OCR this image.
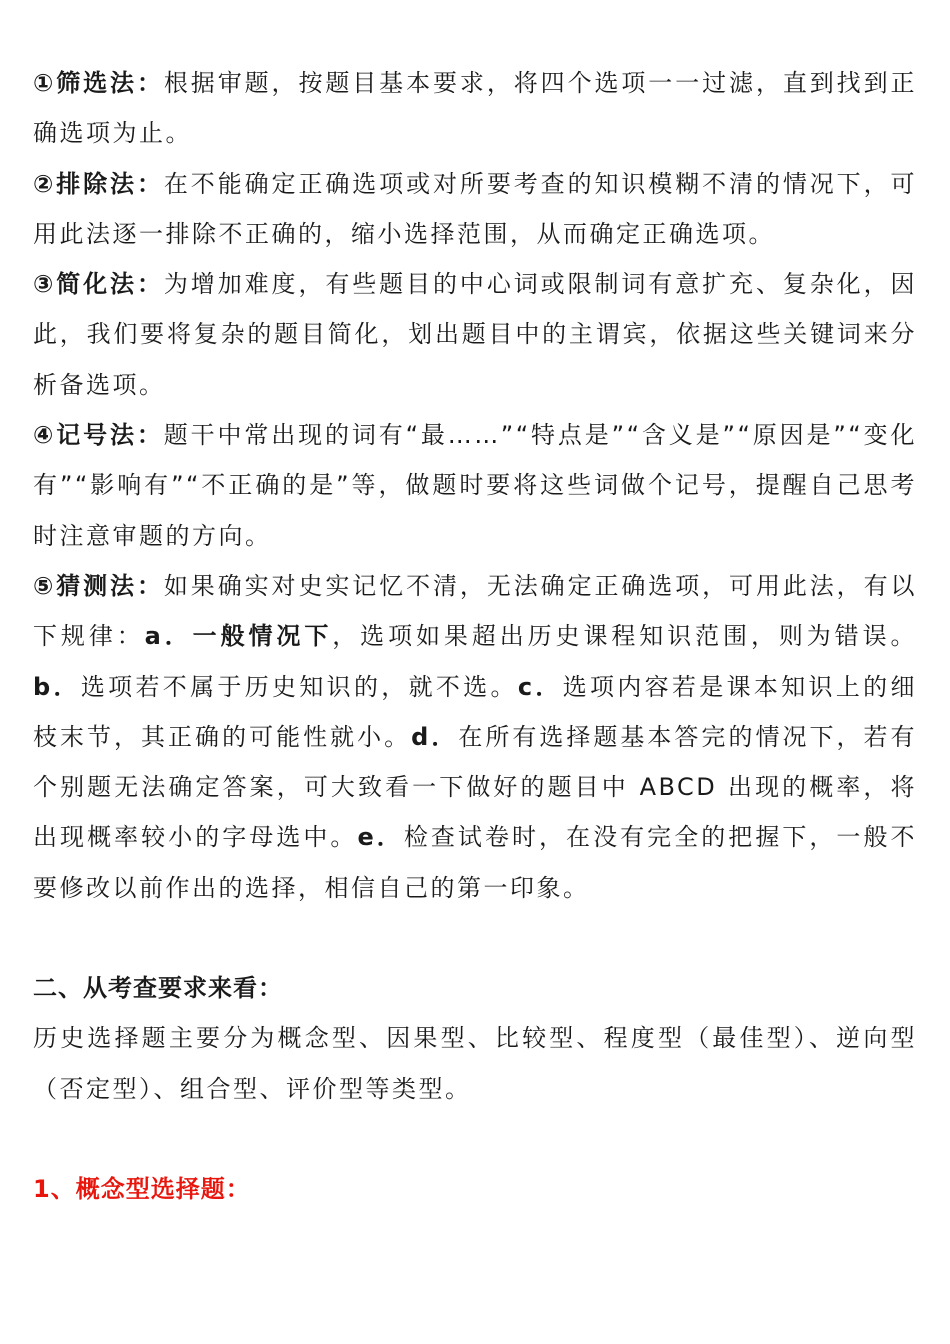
①筛选法：根据审题，按题目基本要求，将四个选项一一过滤，直到找到正确选项为止。

②排除法：在不能确定正确选项或对所要考查的知识模糊不清的情况下，可用此法逐一排除不正确的，缩小选择范围，从而确定正确选项。

③简化法：为增加难度，有些题目的中心词或限制词有意扩充、复杂化，因此，我们要将复杂的题目简化，划出题目中的主谓宾，依据这些关键词来分析备选项。

④记号法：题干中常出现的词有“最……”“特点是”“含义是”“原因是”“变化有”“影响有”“不正确的是”等，做题时要将这些词做个记号，提醒自己思考时注意审题的方向。

⑤猜测法：如果确实对史实记忆不清，无法确定正确选项，可用此法，有以下规律：a．一般情况下，选项如果超出历史课程知识范围，则为错误。b．选项若不属于历史知识的，就不选。c．选项内容若是课本知识上的细枝末节，其正确的可能性就小。d．在所有选择题基本答完的情况下，若有个别题无法确定答案，可大致看一下做好的题目中 ABCD 出现的概率，将出现概率较小的字母选中。e．检查试卷时，在没有完全的把握下，一般不要修改以前作出的选择，相信自己的第一印象。

二、从考查要求来看：

历史选择题主要分为概念型、因果型、比较型、程度型（最佳型）、逆向型（否定型）、组合型、评价型等类型。

1、概念型选择题：
